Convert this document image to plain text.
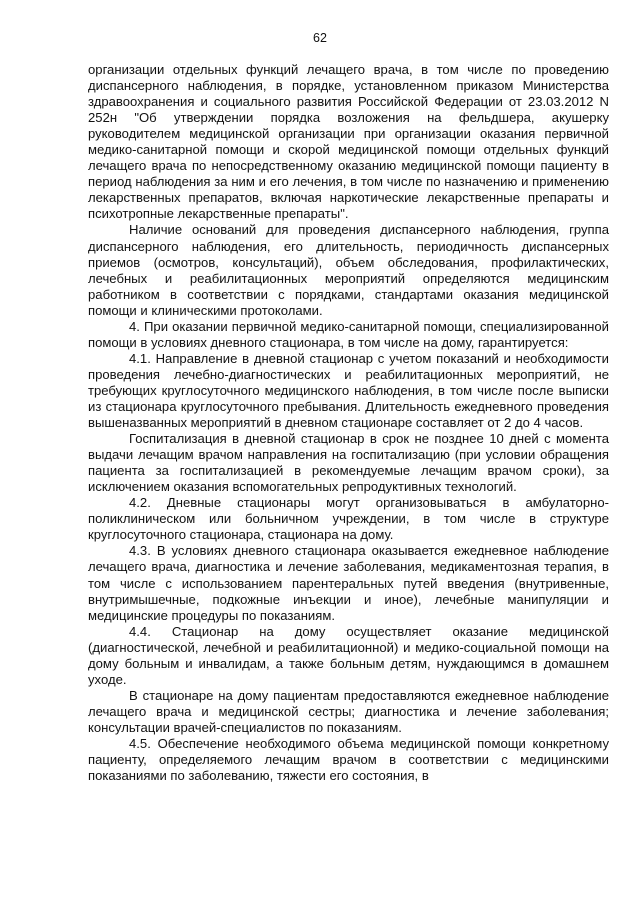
62

организации отдельных функций лечащего врача, в том числе по проведению диспансерного наблюдения, в порядке, установленном приказом Министерства здравоохранения и социального развития Российской Федерации от 23.03.2012 N 252н "Об утверждении порядка возложения на фельдшера, акушерку руководителем медицинской организации при организации оказания первичной медико-санитарной помощи и скорой медицинской помощи отдельных функций лечащего врача по непосредственному оказанию медицинской помощи пациенту в период наблюдения за ним и его лечения, в том числе по назначению и применению лекарственных препаратов, включая наркотические лекарственные препараты и психотропные лекарственные препараты".

Наличие оснований для проведения диспансерного наблюдения, группа диспансерного наблюдения, его длительность, периодичность диспансерных приемов (осмотров, консультаций), объем обследования, профилактических, лечебных и реабилитационных мероприятий определяются медицинским работником в соответствии с порядками, стандартами оказания медицинской помощи и клиническими протоколами.

4. При оказании первичной медико-санитарной помощи, специализированной помощи в условиях дневного стационара, в том числе на дому, гарантируется:

4.1. Направление в дневной стационар с учетом показаний и необходимости проведения лечебно-диагностических и реабилитационных мероприятий, не требующих круглосуточного медицинского наблюдения, в том числе после выписки из стационара круглосуточного пребывания. Длительность ежедневного проведения вышеназванных мероприятий в дневном стационаре составляет от 2 до 4 часов.

Госпитализация в дневной стационар в срок не позднее 10 дней с момента выдачи лечащим врачом направления на госпитализацию (при условии обращения пациента за госпитализацией в рекомендуемые лечащим врачом сроки), за исключением оказания вспомогательных репродуктивных технологий.

4.2. Дневные стационары могут организовываться в амбулаторно-поликлиническом или больничном учреждении, в том числе в структуре круглосуточного стационара, стационара на дому.

4.3. В условиях дневного стационара оказывается ежедневное наблюдение лечащего врача, диагностика и лечение заболевания, медикаментозная терапия, в том числе с использованием парентеральных путей введения (внутривенные, внутримышечные, подкожные инъекции и иное), лечебные манипуляции и медицинские процедуры по показаниям.

4.4. Стационар на дому осуществляет оказание медицинской (диагностической, лечебной и реабилитационной) и медико-социальной помощи на дому больным и инвалидам, а также больным детям, нуждающимся в домашнем уходе.

В стационаре на дому пациентам предоставляются ежедневное наблюдение лечащего врача и медицинской сестры; диагностика и лечение заболевания; консультации врачей-специалистов по показаниям.

4.5. Обеспечение необходимого объема медицинской помощи конкретному пациенту, определяемого лечащим врачом в соответствии с медицинскими показаниями по заболеванию, тяжести его состояния, в
